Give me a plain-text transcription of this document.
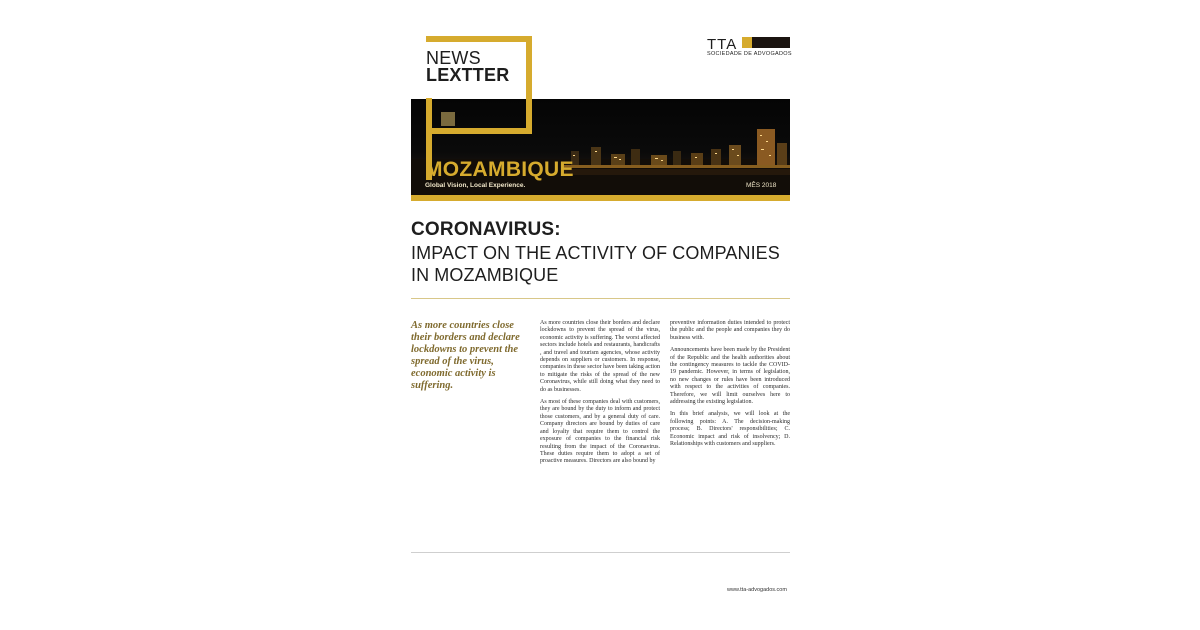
NEWS
LEXTTER
TTA
SOCIEDADE DE ADVOGADOS
MOZAMBIQUE
Global Vision, Local Experience.	MÊS 2018
CORONAVIRUS:
IMPACT ON THE ACTIVITY OF COMPANIES IN MOZAMBIQUE
As more countries close their borders and declare lockdowns to prevent the spread of the virus, economic activity is suffering.

As more countries close their borders and declare lockdowns to prevent the spread of the virus, economic activity is suffering. The worst affected sectors include hotels and restaurants, handicrafts , and travel and tourism agencies, whose activity depends on suppliers or customers. In response, companies in these sector have been taking action to mitigate the risks of the spread of the new Coronavirus, while still doing what they need to do as businesses.

As most of these companies deal with customers, they are bound by the duty to inform and protect those customers, and by a general duty of care. Company directors are bound by duties of care and loyalty that require them to control the exposure of companies to the financial risk resulting from the impact of the Coronavirus. These duties require them to adopt a set of proactive measures. Directors are also bound by

preventive information duties intended to protect the public and the people and companies they do business with.

Announcements have been made by the President of the Republic and the health authorities about the contingency measures to tackle the COVID-19 pandemic. However, in terms of legislation, no new changes or rules have been introduced with respect to the activities of companies. Therefore, we will limit ourselves here to addressing the existing legislation.

In this brief analysis, we will look at the following points: A. The decision-making process; B. Directors' responsibilities; C. Economic impact and risk of insolvency; D. Relationships with customers and suppliers.

www.tta-advogados.com
